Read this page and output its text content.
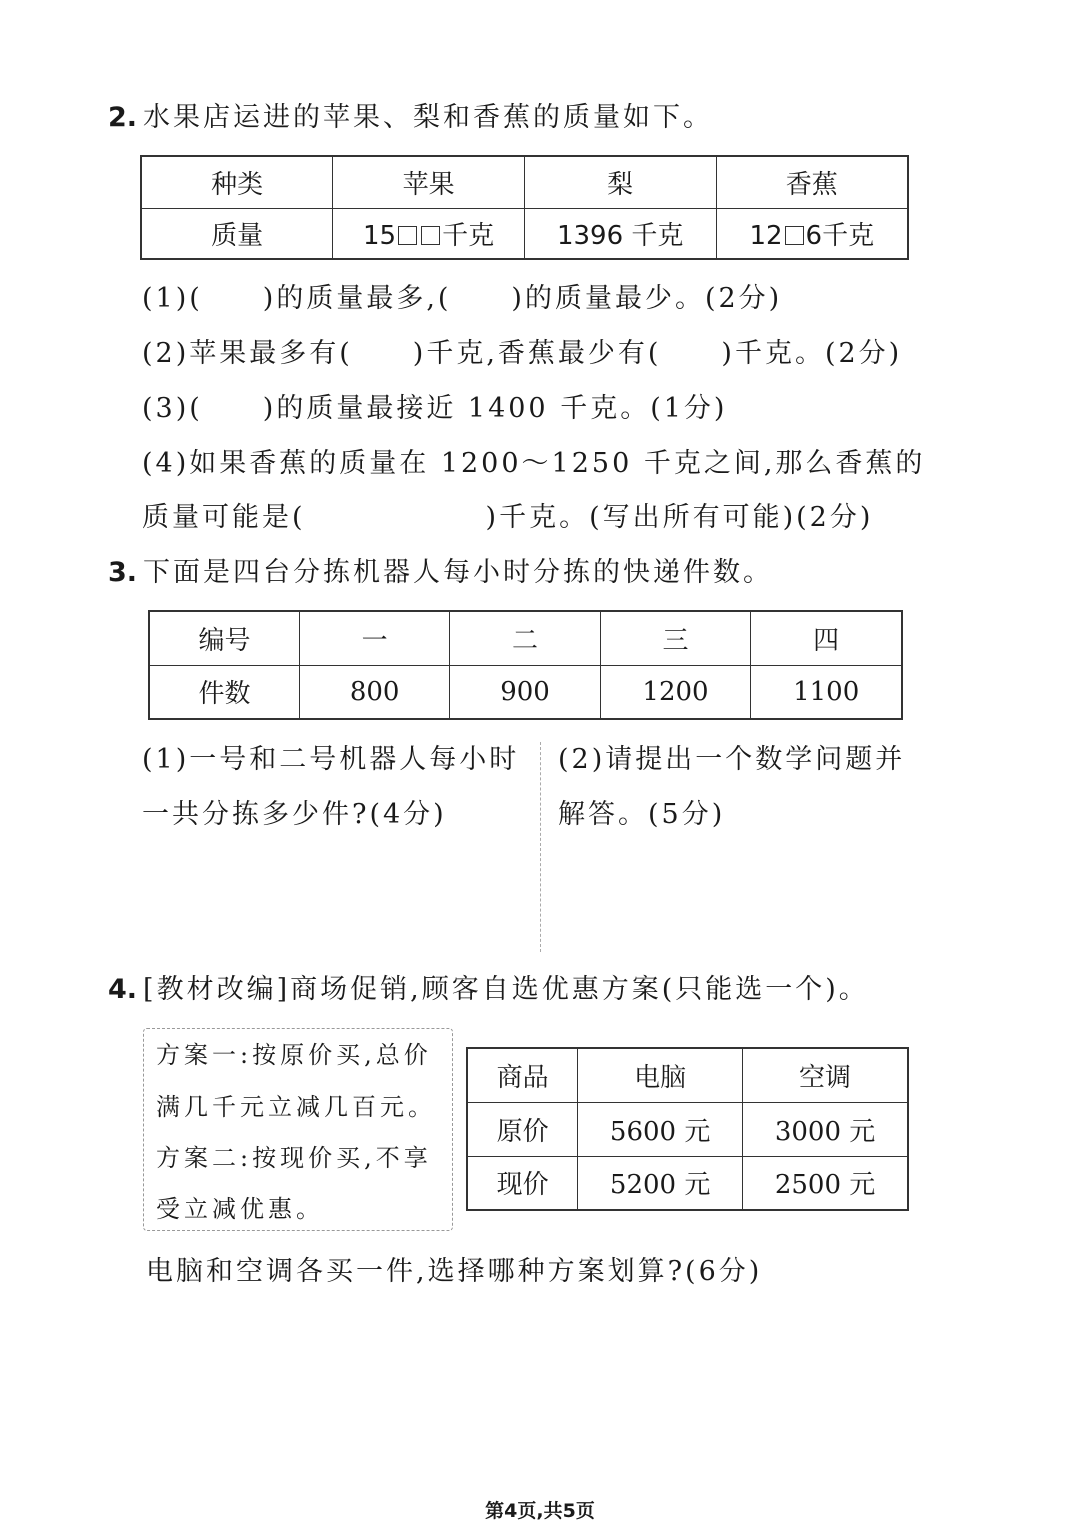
2. 水果店运进的苹果、梨和香蕉的质量如下。
种类	苹果	梨	香蕉
质量	15 千克	1396 千克	12 6千克
(1)(　　)的质量最多,(　　)的质量最少。(2分)
(2)苹果最多有(　　)千克,香蕉最少有(　　)千克。(2分)
(3)(　　)的质量最接近 1400 千克。(1分)
(4)如果香蕉的质量在 1200～1250 千克之间,那么香蕉的
质量可能是(　　　　　　)千克。(写出所有可能)(2分)
3. 下面是四台分拣机器人每小时分拣的快递件数。
编号	一	二	三	四
件数	800	900	1200	1100
(1)一号和二号机器人每小时
一共分拣多少件?(4分)
(2)请提出一个数学问题并
解答。(5分)
4. [教材改编]商场促销,顾客自选优惠方案(只能选一个)。
方案一:按原价买,总价
满几千元立减几百元。
方案二:按现价买,不享
受立减优惠。
商品	电脑	空调
原价	5600 元	3000 元
现价	5200 元	2500 元
电脑和空调各买一件,选择哪种方案划算?(6分)
第4页,共5页
